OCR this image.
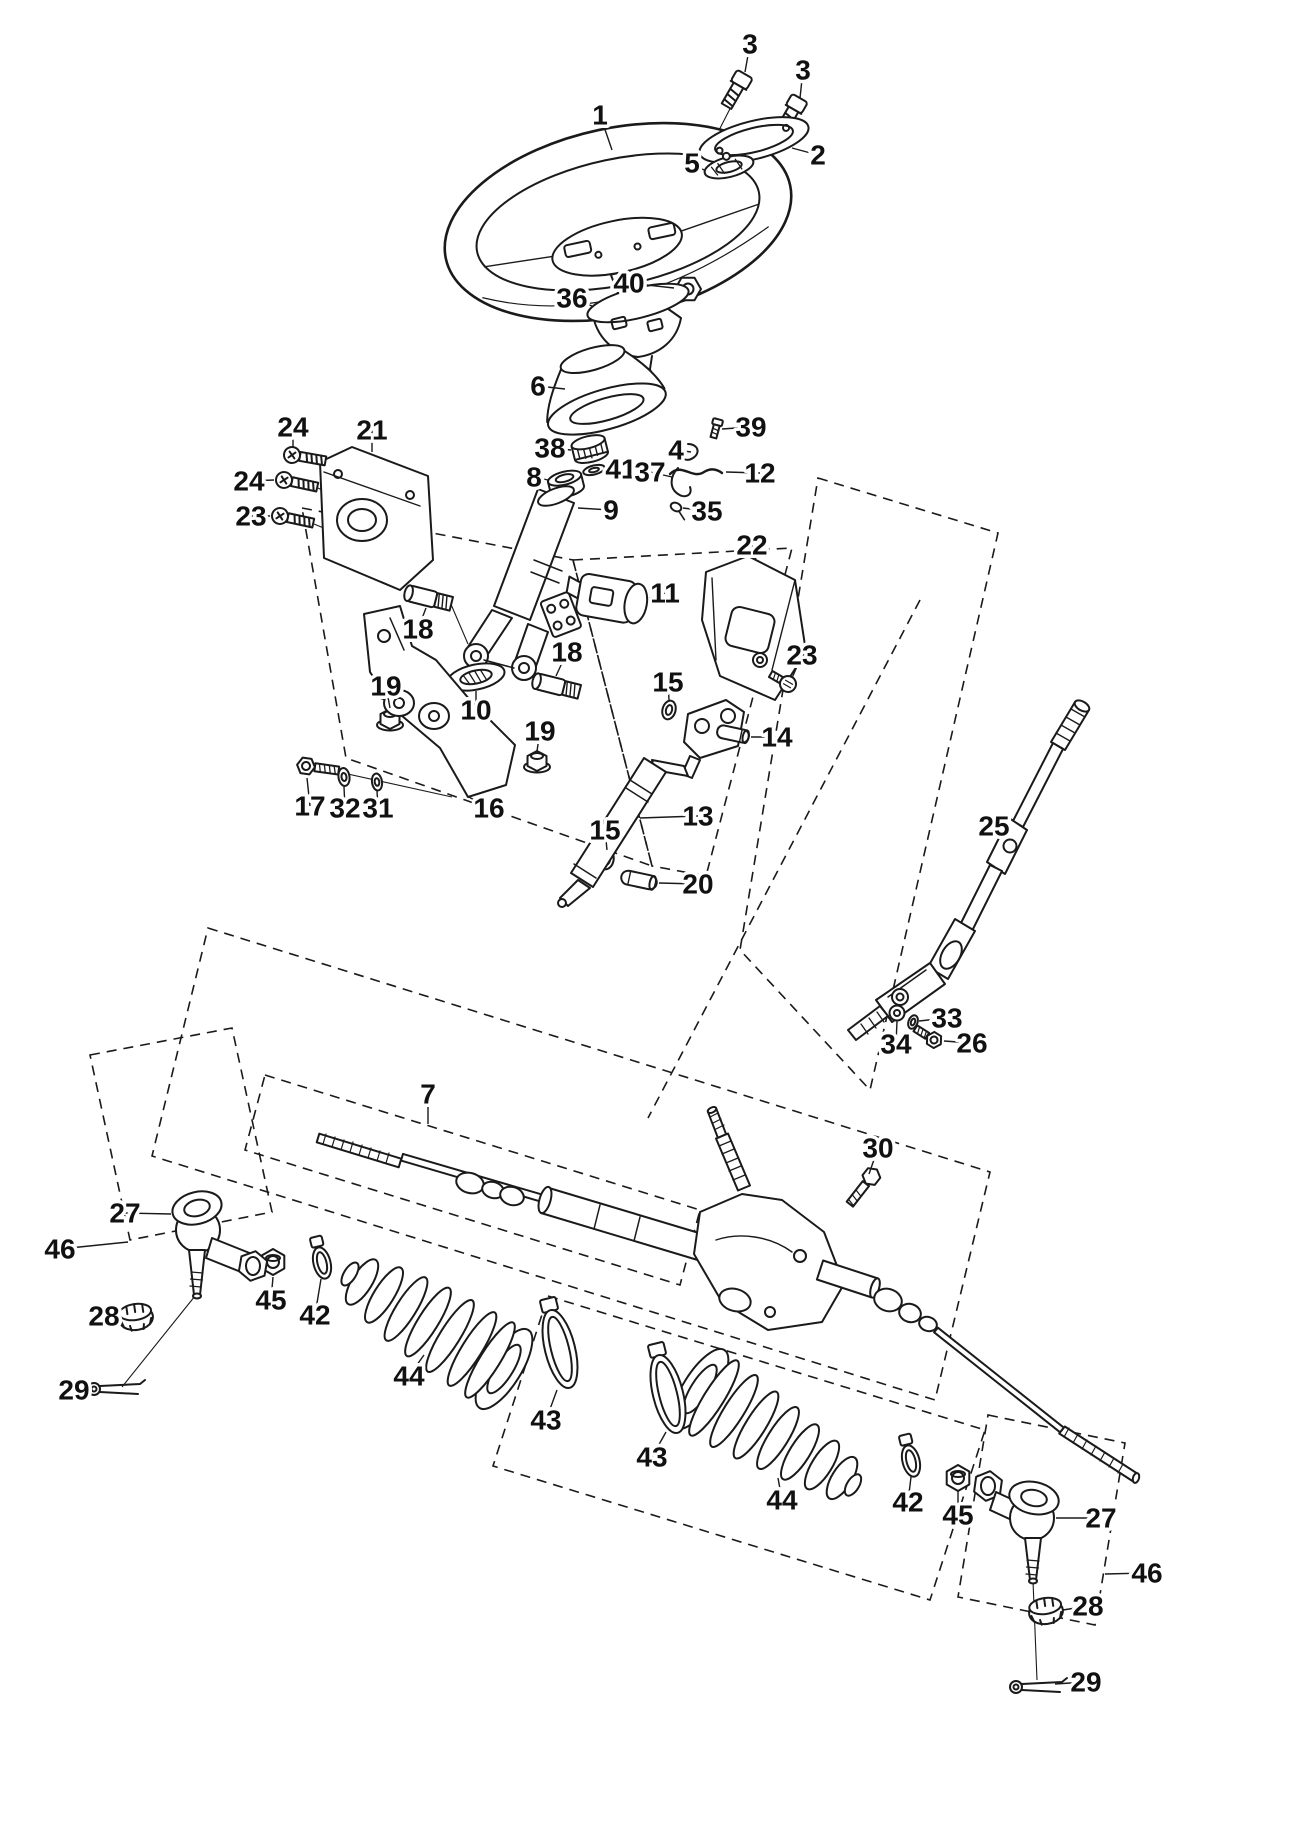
3
3
1
2
5
40
36
6
38
41
8
9
4
39
37	12
35
24 21
24
23
18
18
10
19
19
15
14
13
15
20
16
17 32 31
11
22
23
25
33
34 26
7
30
27
46
28
29
45 42
44
43
43
44	42 45	27
46
28
29
